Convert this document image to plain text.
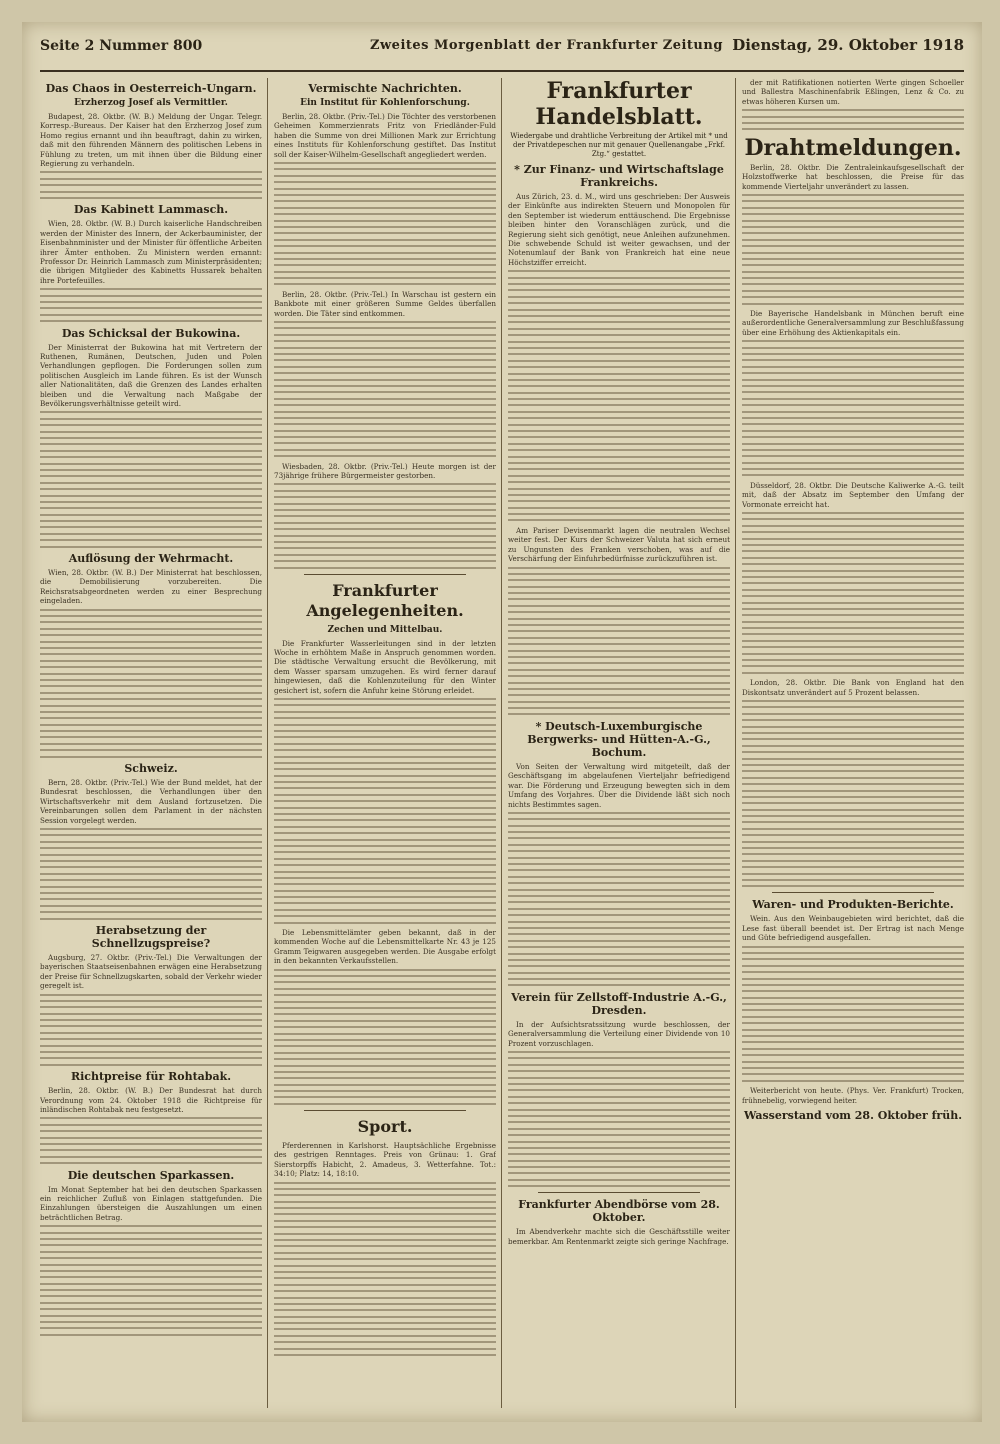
Seite 2 Nummer 800	Zweites Morgenblatt der Frankfurter Zeitung Dienstag, 29. Oktober 1918
Das Chaos in Oesterreich-Ungarn.
Erzherzog Josef als Vermittler.

Budapest, 28. Oktbr. (W. B.) Meldung der Ungar. Telegr. Korresp.-Bureaus. Der Kaiser hat den Erzherzog Josef zum Homo regius ernannt und ihn beauftragt, dahin zu wirken, daß mit den führenden Männern des politischen Lebens in Fühlung zu treten, um mit ihnen über die Bildung einer Regierung zu verhandeln.

Das Kabinett Lammasch.

Wien, 28. Oktbr. (W. B.) Durch kaiserliche Handschreiben werden der Minister des Innern, der Ackerbauminister, der Eisenbahnminister und der Minister für öffentliche Arbeiten ihrer Ämter enthoben. Zu Ministern werden ernannt: Professor Dr. Heinrich Lammasch zum Ministerpräsidenten; die übrigen Mitglieder des Kabinetts Hussarek behalten ihre Portefeuilles.

Das Schicksal der Bukowina.

Der Ministerrat der Bukowina hat mit Vertretern der Ruthenen, Rumänen, Deutschen, Juden und Polen Verhandlungen gepflogen. Die Forderungen sollen zum politischen Ausgleich im Lande führen. Es ist der Wunsch aller Nationalitäten, daß die Grenzen des Landes erhalten bleiben und die Verwaltung nach Maßgabe der Bevölkerungsverhältnisse geteilt wird.

Auflösung der Wehrmacht.

Wien, 28. Oktbr. (W. B.) Der Ministerrat hat beschlossen, die Demobilisierung vorzubereiten. Die Reichsratsabgeordneten werden zu einer Besprechung eingeladen.

Schweiz.

Bern, 28. Oktbr. (Priv.-Tel.) Wie der Bund meldet, hat der Bundesrat beschlossen, die Verhandlungen über den Wirtschaftsverkehr mit dem Ausland fortzusetzen. Die Vereinbarungen sollen dem Parlament in der nächsten Session vorgelegt werden.

Herabsetzung der Schnellzugspreise?

Augsburg, 27. Oktbr. (Priv.-Tel.) Die Verwaltungen der bayerischen Staatseisenbahnen erwägen eine Herabsetzung der Preise für Schnellzugskarten, sobald der Verkehr wieder geregelt ist.

Richtpreise für Rohtabak.

Berlin, 28. Oktbr. (W. B.) Der Bundesrat hat durch Verordnung vom 24. Oktober 1918 die Richtpreise für inländischen Rohtabak neu festgesetzt.

Die deutschen Sparkassen.

Im Monat September hat bei den deutschen Sparkassen ein reichlicher Zufluß von Einlagen stattgefunden. Die Einzahlungen übersteigen die Auszahlungen um einen beträchtlichen Betrag.

Vermischte Nachrichten.
Ein Institut für Kohlenforschung.

Berlin, 28. Oktbr. (Priv.-Tel.) Die Töchter des verstorbenen Geheimen Kommerzienrats Fritz von Friedländer-Fuld haben die Summe von drei Millionen Mark zur Errichtung eines Instituts für Kohlenforschung gestiftet. Das Institut soll der Kaiser-Wilhelm-Gesellschaft angegliedert werden.

Berlin, 28. Oktbr. (Priv.-Tel.) In Warschau ist gestern ein Bankbote mit einer größeren Summe Geldes überfallen worden. Die Täter sind entkommen.

Wiesbaden, 28. Oktbr. (Priv.-Tel.) Heute morgen ist der 73jährige frühere Bürgermeister gestorben.

Frankfurter Angelegenheiten.
Zechen und Mittelbau.

Die Frankfurter Wasserleitungen sind in der letzten Woche in erhöhtem Maße in Anspruch genommen worden. Die städtische Verwaltung ersucht die Bevölkerung, mit dem Wasser sparsam umzugehen. Es wird ferner darauf hingewiesen, daß die Kohlenzuteilung für den Winter gesichert ist, sofern die Anfuhr keine Störung erleidet.

Die Lebensmittelämter geben bekannt, daß in der kommenden Woche auf die Lebensmittelkarte Nr. 43 je 125 Gramm Teigwaren ausgegeben werden. Die Ausgabe erfolgt in den bekannten Verkaufsstellen.

Sport.

Pferderennen in Karlshorst. Hauptsächliche Ergebnisse des gestrigen Renntages. Preis von Grünau: 1. Graf Sierstorpffs Habicht, 2. Amadeus, 3. Wetterfahne. Tot.: 34:10; Platz: 14, 18:10.

Frankfurter Handelsblatt.
Wiedergabe und drahtliche Verbreitung der Artikel mit * und der Privatdepeschen nur mit genauer Quellenangabe „Frkf. Ztg.“ gestattet.
* Zur Finanz- und Wirtschaftslage Frankreichs.

Aus Zürich, 23. d. M., wird uns geschrieben: Der Ausweis der Einkünfte aus indirekten Steuern und Monopolen für den September ist wiederum enttäuschend. Die Ergebnisse bleiben hinter den Voranschlägen zurück, und die Regierung sieht sich genötigt, neue Anleihen aufzunehmen. Die schwebende Schuld ist weiter gewachsen, und der Notenumlauf der Bank von Frankreich hat eine neue Höchstziffer erreicht.

Am Pariser Devisenmarkt lagen die neutralen Wechsel weiter fest. Der Kurs der Schweizer Valuta hat sich erneut zu Ungunsten des Franken verschoben, was auf die Verschärfung der Einfuhrbedürfnisse zurückzuführen ist.

* Deutsch-Luxemburgische Bergwerks- und Hütten-A.-G., Bochum.

Von Seiten der Verwaltung wird mitgeteilt, daß der Geschäftsgang im abgelaufenen Vierteljahr befriedigend war. Die Förderung und Erzeugung bewegten sich in dem Umfang des Vorjahres. Über die Dividende läßt sich noch nichts Bestimmtes sagen.

Verein für Zellstoff-Industrie A.-G., Dresden.

In der Aufsichtsratssitzung wurde beschlossen, der Generalversammlung die Verteilung einer Dividende von 10 Prozent vorzuschlagen.

Frankfurter Abendbörse vom 28. Oktober.

Im Abendverkehr machte sich die Geschäftsstille weiter bemerkbar. Am Rentenmarkt zeigte sich geringe Nachfrage.

der mit Ratifikationen notierten Werte gingen Schoeller und Ballestra Maschinenfabrik Eßlingen, Lenz & Co. zu etwas höheren Kursen um.

Drahtmeldungen.

Berlin, 28. Oktbr. Die Zentraleinkaufsgesellschaft der Holzstoffwerke hat beschlossen, die Preise für das kommende Vierteljahr unverändert zu lassen.

Die Bayerische Handelsbank in München beruft eine außerordentliche Generalversammlung zur Beschlußfassung über eine Erhöhung des Aktienkapitals ein.

Düsseldorf, 28. Oktbr. Die Deutsche Kaliwerke A.-G. teilt mit, daß der Absatz im September den Umfang der Vormonate erreicht hat.

London, 28. Oktbr. Die Bank von England hat den Diskontsatz unverändert auf 5 Prozent belassen.

Waren- und Produkten-Berichte.

Wein. Aus den Weinbaugebieten wird berichtet, daß die Lese fast überall beendet ist. Der Ertrag ist nach Menge und Güte befriedigend ausgefallen.

Weiterbericht von heute. (Phys. Ver. Frankfurt) Trocken, frühnebelig, vorwiegend heiter.

Wasserstand vom 28. Oktober früh.
